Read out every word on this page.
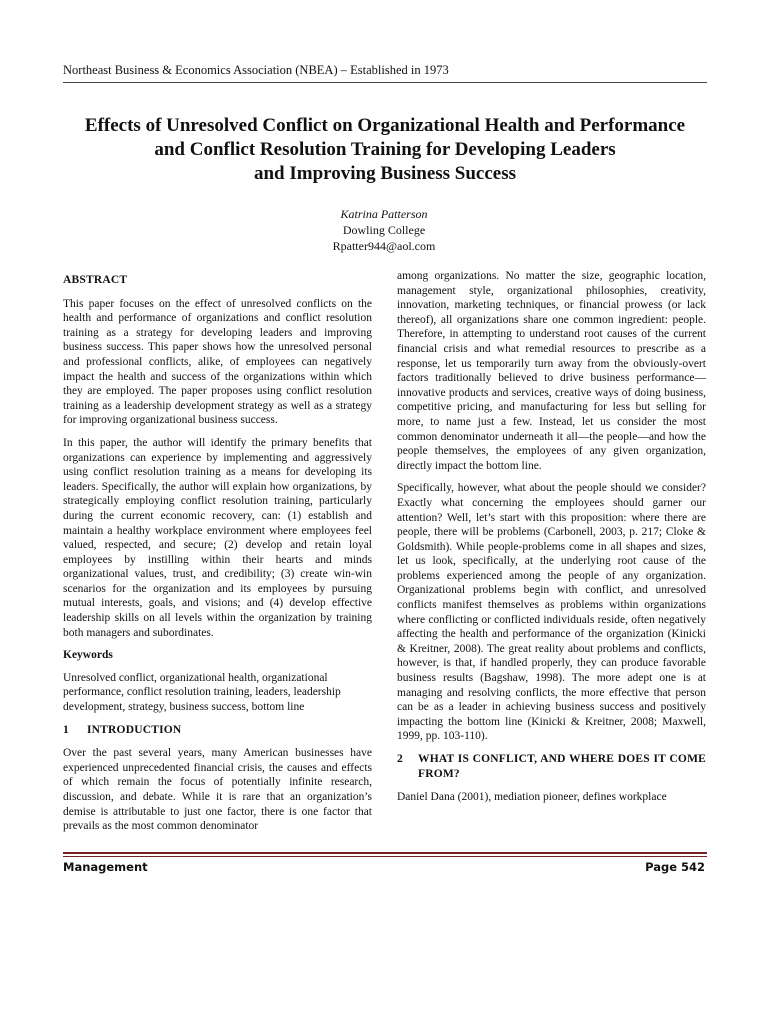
Northeast Business & Economics Association (NBEA) – Established in 1973
Effects of Unresolved Conflict on Organizational Health and Performance
and Conflict Resolution Training for Developing Leaders
and Improving Business Success
Katrina Patterson
Dowling College
Rpatter944@aol.com
ABSTRACT

This paper focuses on the effect of unresolved conflicts on the health and performance of organizations and conflict resolution training as a strategy for developing leaders and improving business success. This paper shows how the unresolved personal and professional conflicts, alike, of employees can negatively impact the health and success of the organizations within which they are employed. The paper proposes using conflict resolution training as a leadership development strategy as well as a strategy for improving organizational business success.

In this paper, the author will identify the primary benefits that organizations can experience by implementing and aggressively using conflict resolution training as a means for developing its leaders. Specifically, the author will explain how organizations, by strategically employing conflict resolution training, particularly during the current economic recovery, can: (1) establish and maintain a healthy workplace environment where employees feel valued, respected, and secure; (2) develop and retain loyal employees by instilling within their hearts and minds organizational values, trust, and credibility; (3) create win-win scenarios for the organization and its employees by pursuing mutual interests, goals, and visions; and (4) develop effective leadership skills on all levels within the organization by training both managers and subordinates.

Keywords

Unresolved conflict, organizational health, organizational performance, conflict resolution training, leaders, leadership development, strategy, business success, bottom line

1 INTRODUCTION

Over the past several years, many American businesses have experienced unprecedented financial crisis, the causes and effects of which remain the focus of potentially infinite research, discussion, and debate. While it is rare that an organization’s demise is attributable to just one factor, there is one factor that prevails as the most common denominator

among organizations. No matter the size, geographic location, management style, organizational philosophies, creativity, innovation, marketing techniques, or financial prowess (or lack thereof), all organizations share one common ingredient: people. Therefore, in attempting to understand root causes of the current financial crisis and what remedial resources to prescribe as a response, let us temporarily turn away from the obviously-overt factors traditionally believed to drive business performance—innovative products and services, creative ways of doing business, competitive pricing, and manufacturing for less but selling for more, to name just a few. Instead, let us consider the most common denominator underneath it all—the people—and how the people themselves, the employees of any given organization, directly impact the bottom line.

Specifically, however, what about the people should we consider? Exactly what concerning the employees should garner our attention? Well, let’s start with this proposition: where there are people, there will be problems (Carbonell, 2003, p. 217; Cloke & Goldsmith). While people-problems come in all shapes and sizes, let us look, specifically, at the underlying root cause of the problems experienced among the people of any organization. Organizational problems begin with conflict, and unresolved conflicts manifest themselves as problems within organizations where conflicting or conflicted individuals reside, often negatively affecting the health and performance of the organization (Kinicki & Kreitner, 2008). The great reality about problems and conflicts, however, is that, if handled properly, they can produce favorable business results (Bagshaw, 1998). The more adept one is at managing and resolving conflicts, the more effective that person can be as a leader in achieving business success and positively impacting the bottom line (Kinicki & Kreitner, 2008; Maxwell, 1999, pp. 103-110).

2	WHAT IS CONFLICT, AND WHERE DOES IT COME FROM?

Daniel Dana (2001), mediation pioneer, defines workplace

Management	Page 542
